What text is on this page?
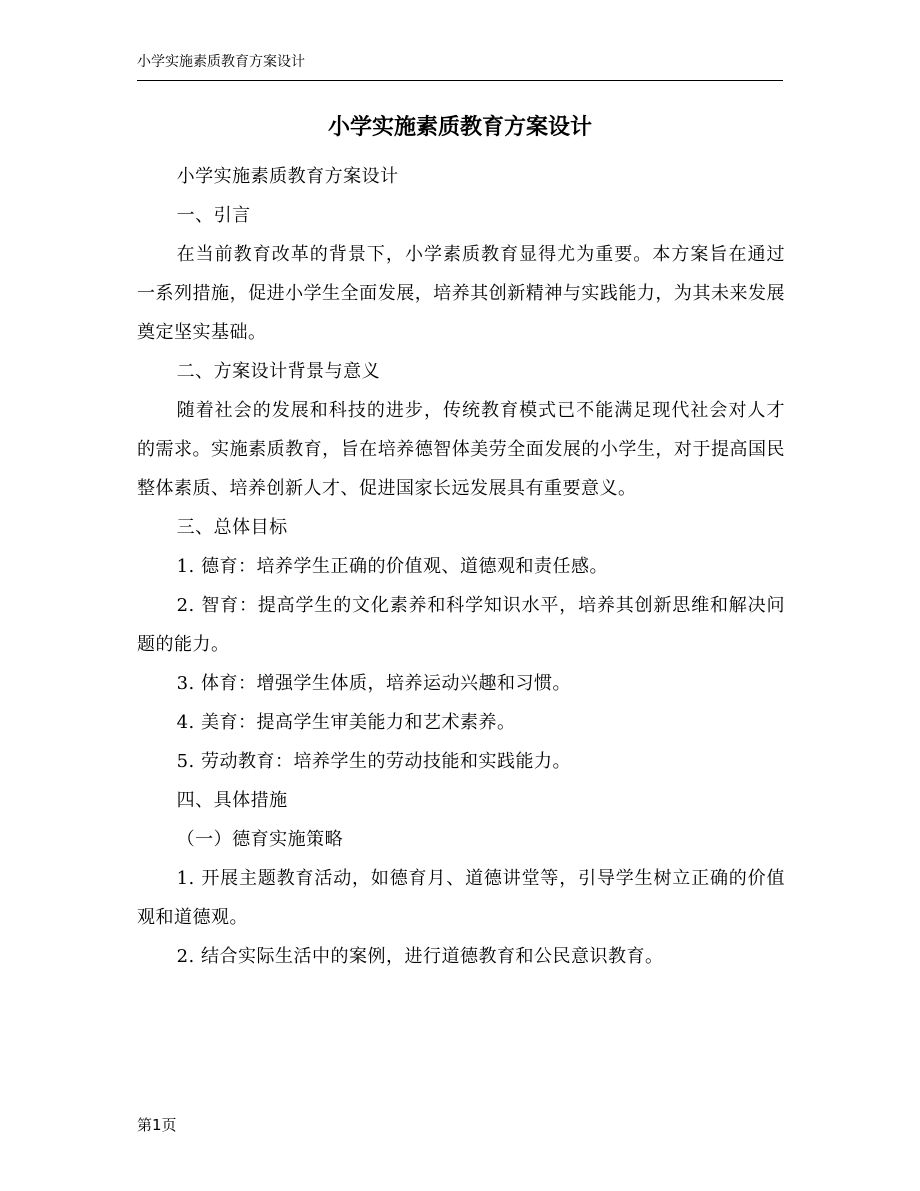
小学实施素质教育方案设计
小学实施素质教育方案设计

小学实施素质教育方案设计

一、引言

在当前教育改革的背景下，小学素质教育显得尤为重要。本方案旨在通过一系列措施，促进小学生全面发展，培养其创新精神与实践能力，为其未来发展奠定坚实基础。

二、方案设计背景与意义

随着社会的发展和科技的进步，传统教育模式已不能满足现代社会对人才的需求。实施素质教育，旨在培养德智体美劳全面发展的小学生，对于提高国民整体素质、培养创新人才、促进国家长远发展具有重要意义。

三、总体目标

1. 德育：培养学生正确的价值观、道德观和责任感。

2. 智育：提高学生的文化素养和科学知识水平，培养其创新思维和解决问题的能力。

3. 体育：增强学生体质，培养运动兴趣和习惯。

4. 美育：提高学生审美能力和艺术素养。

5. 劳动教育：培养学生的劳动技能和实践能力。

四、具体措施

（一）德育实施策略

1. 开展主题教育活动，如德育月、道德讲堂等，引导学生树立正确的价值观和道德观。

2. 结合实际生活中的案例，进行道德教育和公民意识教育。

第1页
